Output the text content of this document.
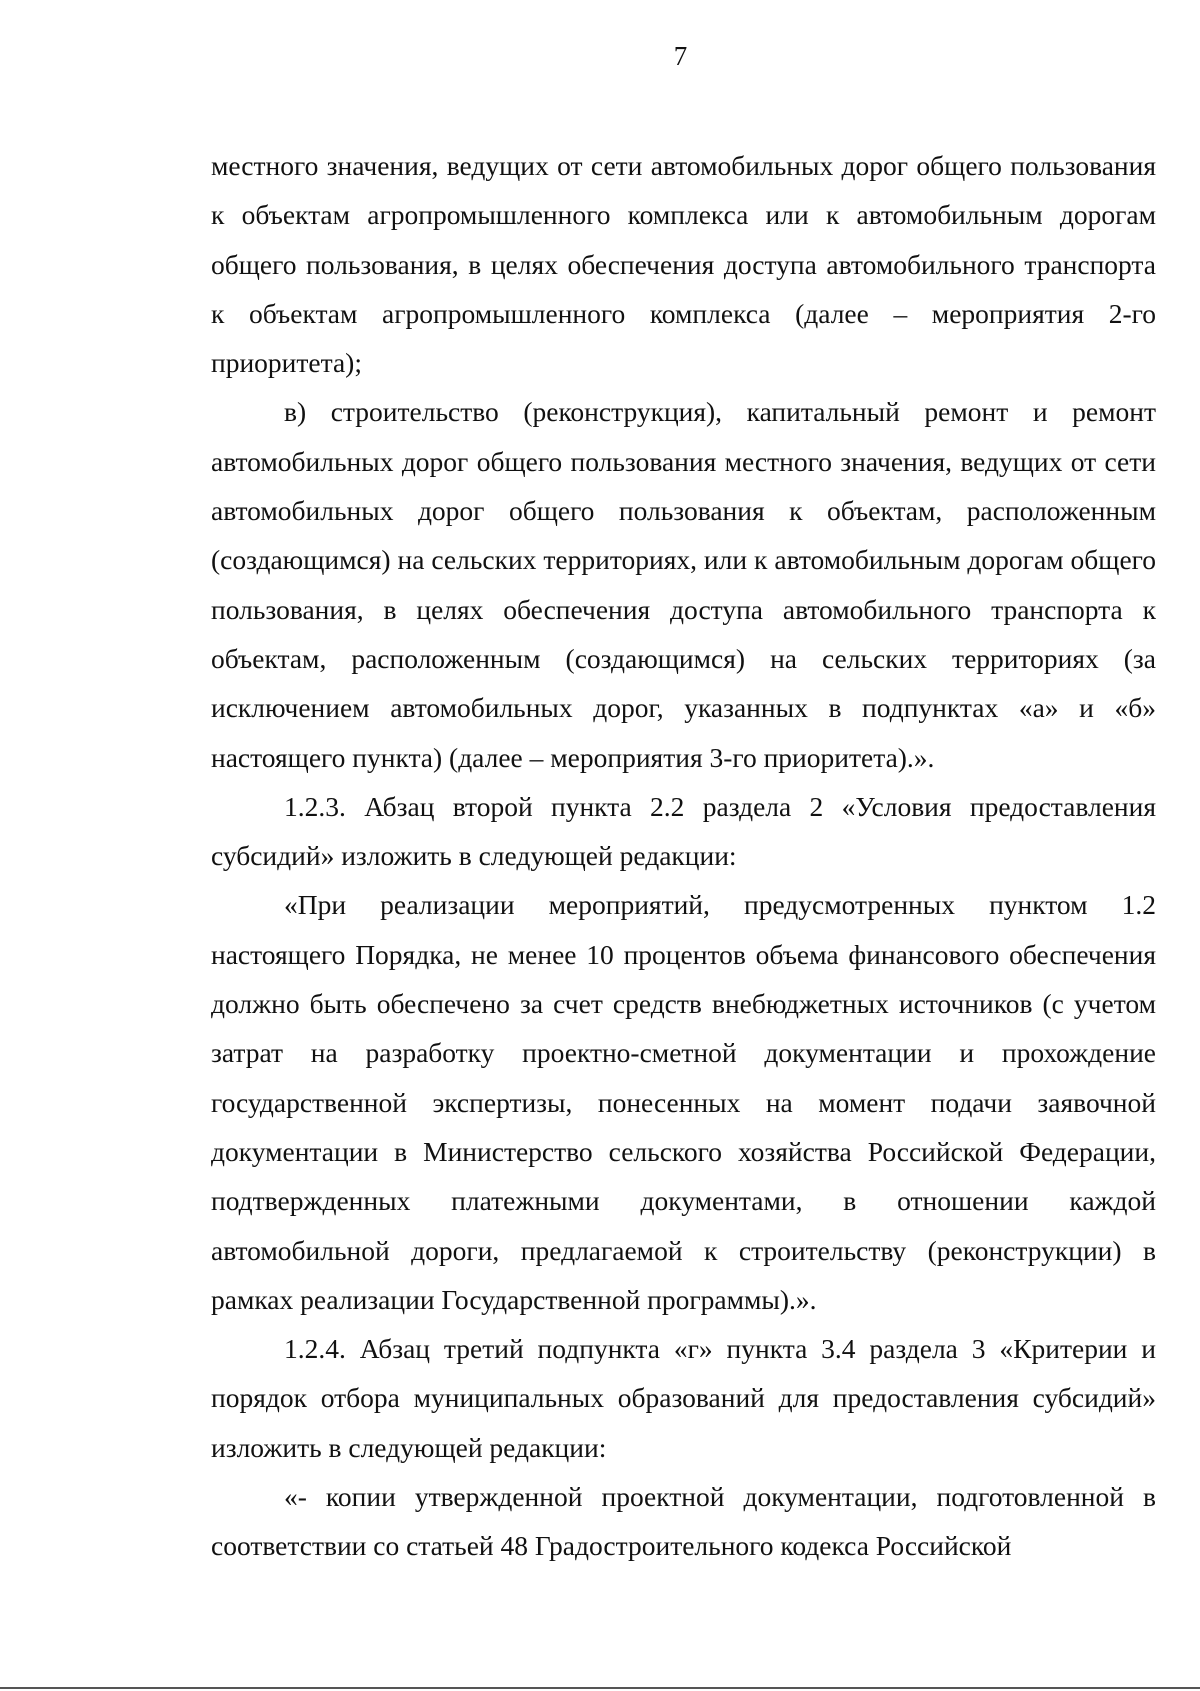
7

местного значения, ведущих от сети автомобильных дорог общего пользования к объектам агропромышленного комплекса или к автомобильным дорогам общего пользования, в целях обеспечения доступа автомобильного транспорта к объектам агропромышленного комплекса (далее – мероприятия 2-го приоритета);

в) строительство (реконструкция), капитальный ремонт и ремонт автомобильных дорог общего пользования местного значения, ведущих от сети автомобильных дорог общего пользования к объектам, расположенным (создающимся) на сельских территориях, или к автомобильным дорогам общего пользования, в целях обеспечения доступа автомобильного транспорта к объектам, расположенным (создающимся) на сельских территориях (за исключением автомобильных дорог, указанных в подпунктах «а» и «б» настоящего пункта) (далее – мероприятия 3-го приоритета).».

1.2.3. Абзац второй пункта 2.2 раздела 2 «Условия предоставления субсидий» изложить в следующей редакции:

«При реализации мероприятий, предусмотренных пунктом 1.2 настоящего Порядка, не менее 10 процентов объема финансового обеспечения должно быть обеспечено за счет средств внебюджетных источников (с учетом затрат на разработку проектно-сметной документации и прохождение государственной экспертизы, понесенных на момент подачи заявочной документации в Министерство сельского хозяйства Российской Федерации, подтвержденных платежными документами, в отношении каждой автомобильной дороги, предлагаемой к строительству (реконструкции) в рамках реализации Государственной программы).».

1.2.4. Абзац третий подпункта «г» пункта 3.4 раздела 3 «Критерии и порядок отбора муниципальных образований для предоставления субсидий» изложить в следующей редакции:

«- копии утвержденной проектной документации, подготовленной в соответствии со статьей 48 Градостроительного кодекса Российской
